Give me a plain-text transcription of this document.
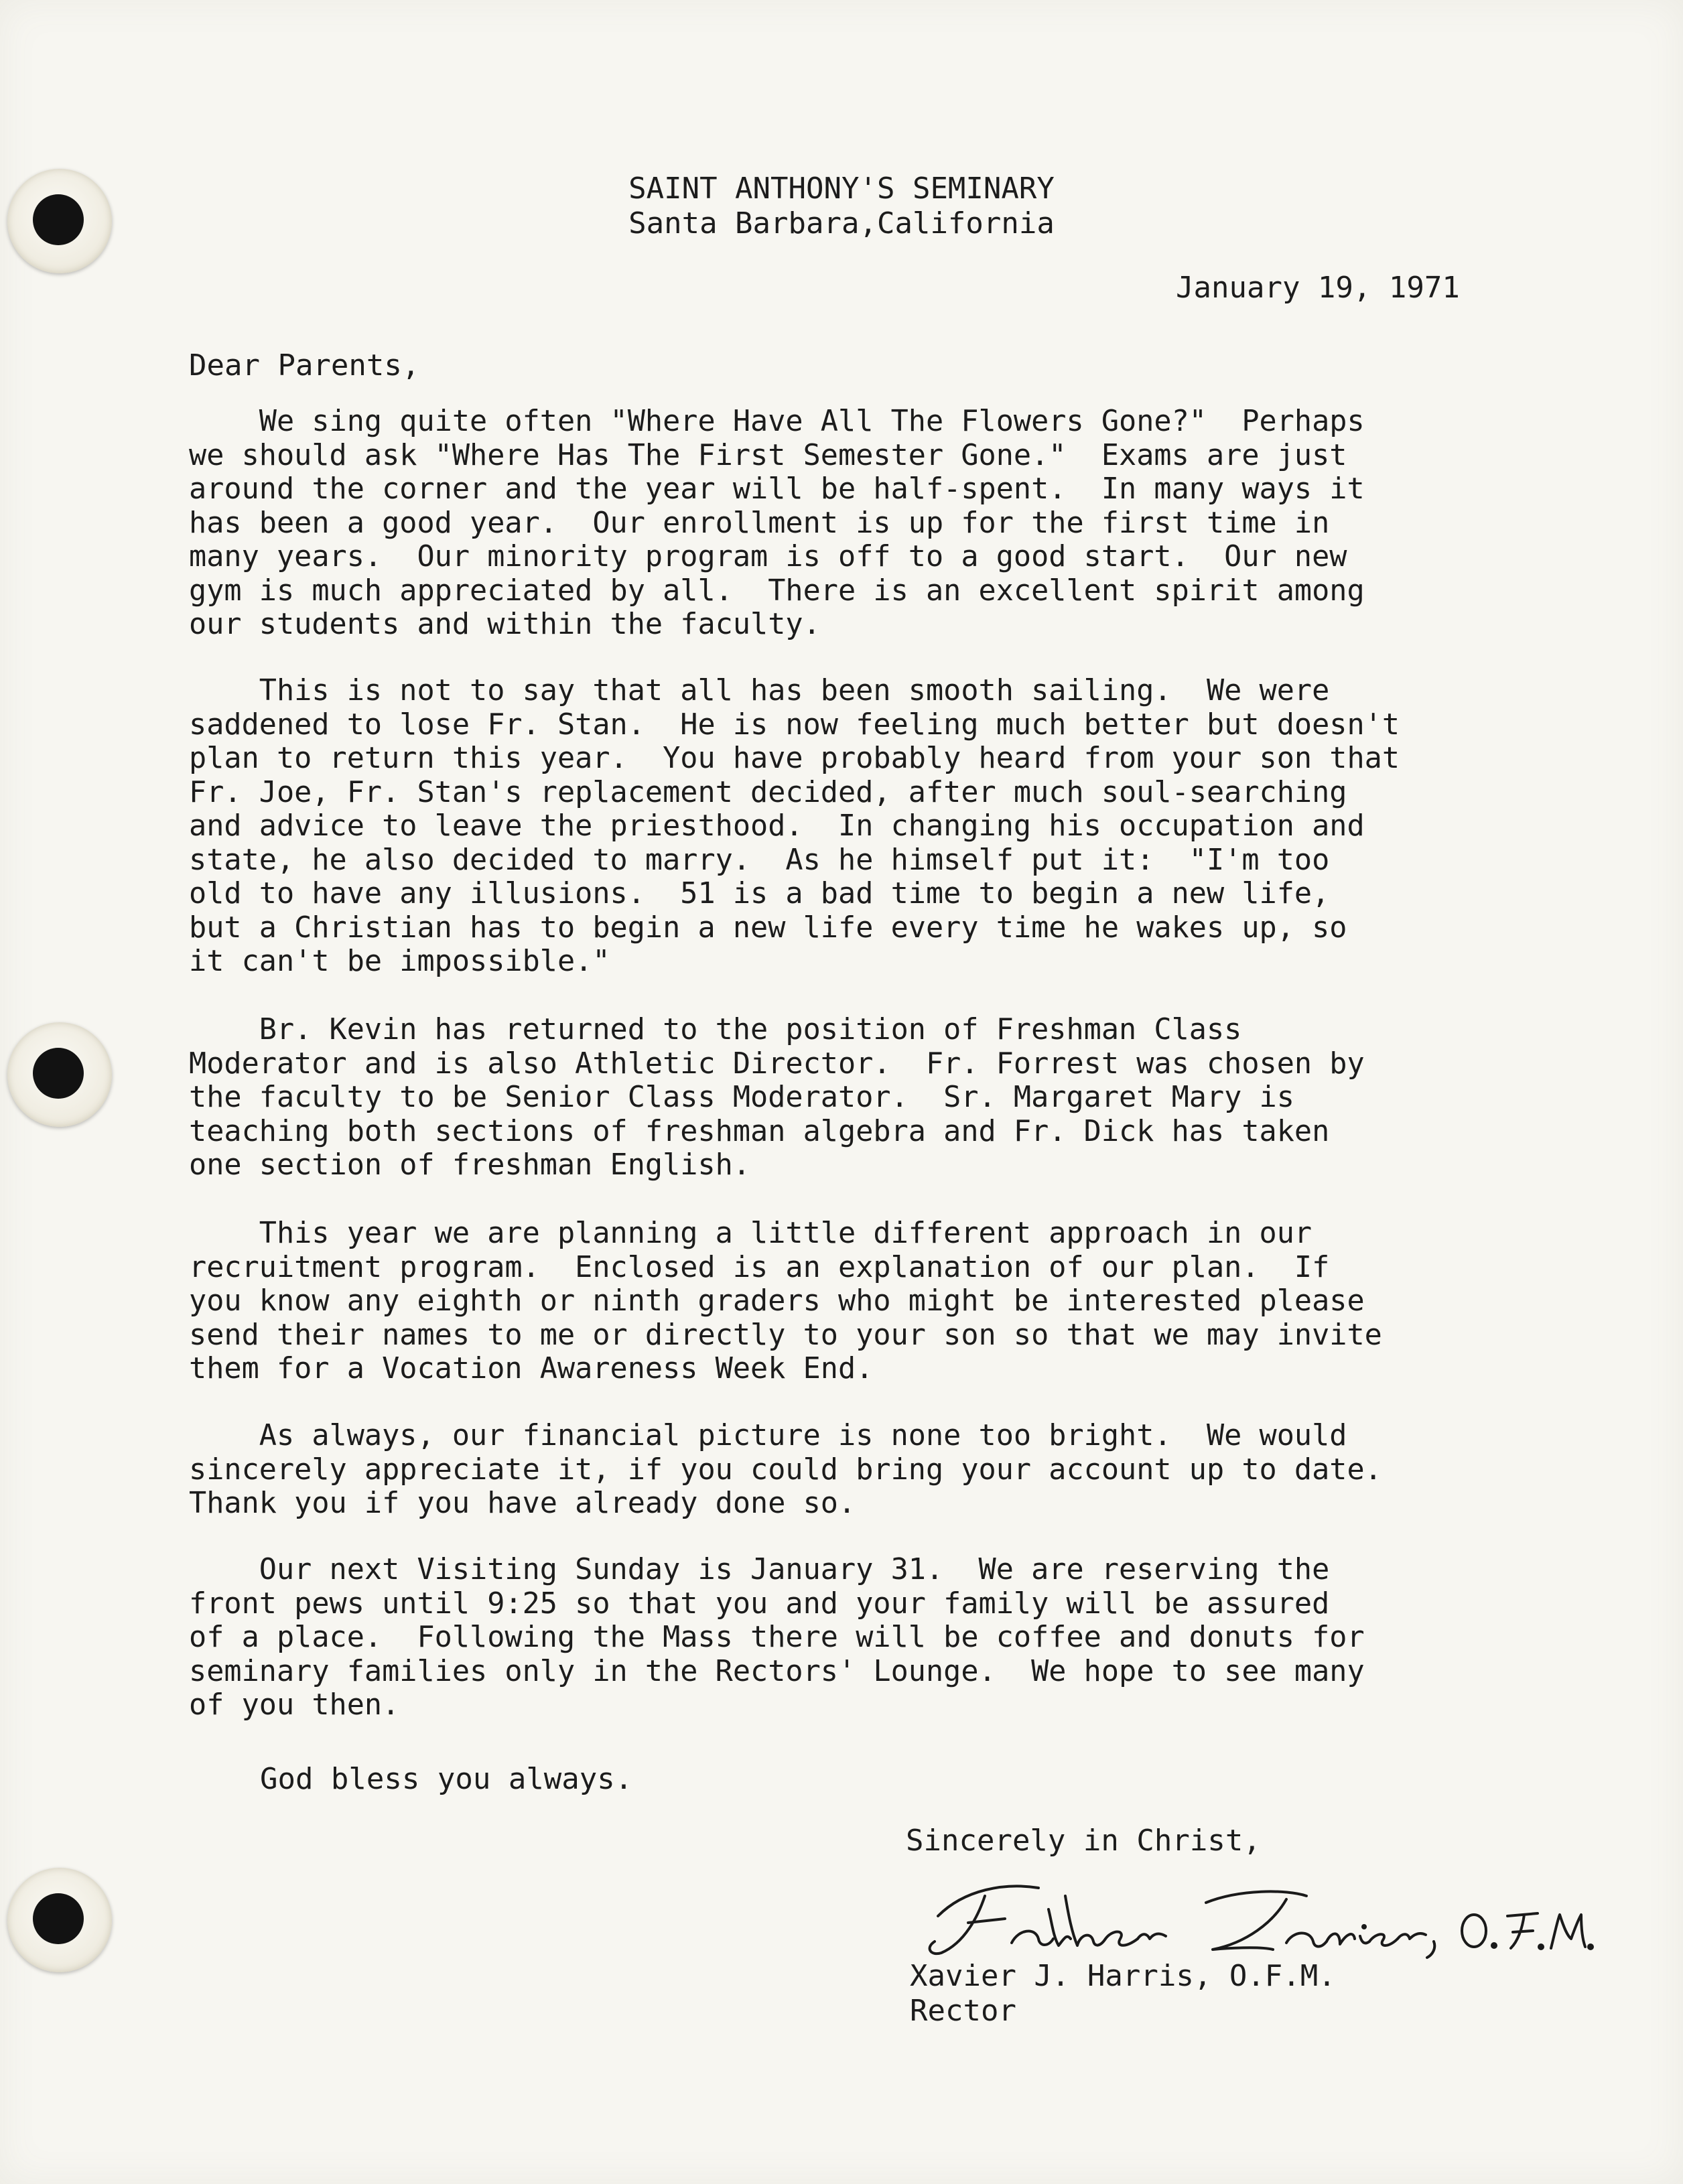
SAINT ANTHONY'S SEMINARY
Santa Barbara,California
January 19, 1971
Dear Parents,
We sing quite often "Where Have All The Flowers Gone?"  Perhaps
we should ask "Where Has The First Semester Gone."  Exams are just
around the corner and the year will be half-spent.  In many ways it
has been a good year.  Our enrollment is up for the first time in
many years.  Our minority program is off to a good start.  Our new
gym is much appreciated by all.  There is an excellent spirit among
our students and within the faculty.
This is not to say that all has been smooth sailing.  We were
saddened to lose Fr. Stan.  He is now feeling much better but doesn't
plan to return this year.  You have probably heard from your son that
Fr. Joe, Fr. Stan's replacement decided, after much soul-searching
and advice to leave the priesthood.  In changing his occupation and
state, he also decided to marry.  As he himself put it:  "I'm too
old to have any illusions.  51 is a bad time to begin a new life,
but a Christian has to begin a new life every time he wakes up, so
it can't be impossible."
Br. Kevin has returned to the position of Freshman Class
Moderator and is also Athletic Director.  Fr. Forrest was chosen by
the faculty to be Senior Class Moderator.  Sr. Margaret Mary is
teaching both sections of freshman algebra and Fr. Dick has taken
one section of freshman English.
This year we are planning a little different approach in our
recruitment program.  Enclosed is an explanation of our plan.  If
you know any eighth or ninth graders who might be interested please
send their names to me or directly to your son so that we may invite
them for a Vocation Awareness Week End.
As always, our financial picture is none too bright.  We would
sincerely appreciate it, if you could bring your account up to date.
Thank you if you have already done so.
Our next Visiting Sunday is January 31.  We are reserving the
front pews until 9:25 so that you and your family will be assured
of a place.  Following the Mass there will be coffee and donuts for
seminary families only in the Rectors' Lounge.  We hope to see many
of you then.
God bless you always.
Sincerely in Christ,
Xavier J. Harris, O.F.M.
Rector
